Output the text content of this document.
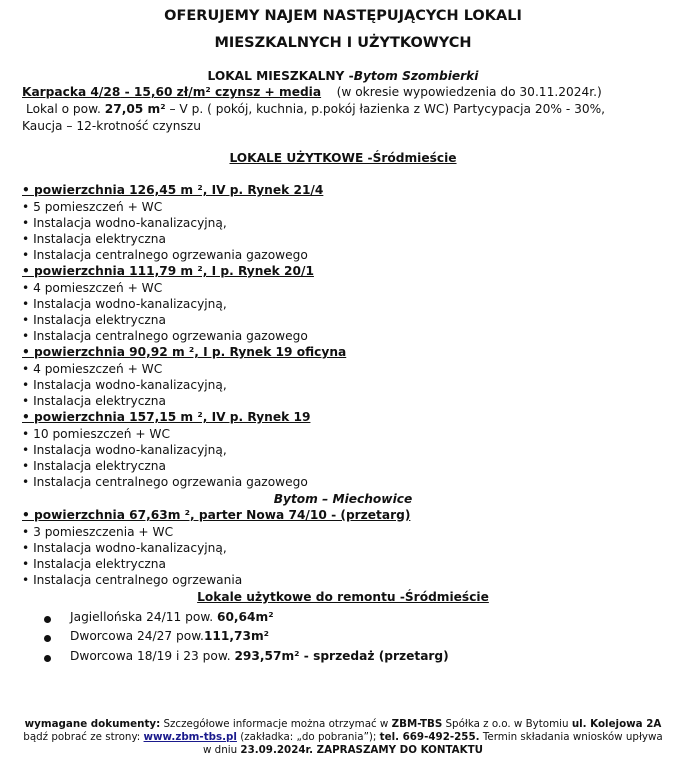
OFERUJEMY NAJEM NASTĘPUJĄCYCH LOKALI
MIESZKALNYCH I UŻYTKOWYCH
LOKAL MIESZKALNY -Bytom Szombierki
Karpacka 4/28 - 15,60 zł/m² czynsz + media (w okresie wypowiedzenia do 30.11.2024r.)
Lokal o pow. 27,05 m² – V p. ( pokój, kuchnia, p.pokój łazienka z WC) Partycypacja 20% - 30%,
Kaucja – 12-krotność czynszu
LOKALE UŻYTKOWE -Śródmieście
• powierzchnia 126,45 m ², IV p. Rynek 21/4
• 5 pomieszczeń + WC
• Instalacja wodno-kanalizacyjną,
• Instalacja elektryczna
• Instalacja centralnego ogrzewania gazowego
• powierzchnia 111,79 m ², I p. Rynek 20/1
• 4 pomieszczeń + WC
• Instalacja wodno-kanalizacyjną,
• Instalacja elektryczna
• Instalacja centralnego ogrzewania gazowego
• powierzchnia 90,92 m ², I p. Rynek 19 oficyna
• 4 pomieszczeń + WC
• Instalacja wodno-kanalizacyjną,
• Instalacja elektryczna
• powierzchnia 157,15 m ², IV p. Rynek 19
• 10 pomieszczeń + WC
• Instalacja wodno-kanalizacyjną,
• Instalacja elektryczna
• Instalacja centralnego ogrzewania gazowego
Bytom – Miechowice
• powierzchnia 67,63m ², parter Nowa 74/10 - (przetarg)
• 3 pomieszczenia + WC
• Instalacja wodno-kanalizacyjną,
• Instalacja elektryczna
• Instalacja centralnego ogrzewania
Lokale użytkowe do remontu -Śródmieście
Jagiellońska 24/11 pow. 60,64m²
Dworcowa 24/27 pow.111,73m²
Dworcowa 18/19 i 23 pow. 293,57m² - sprzedaż (przetarg)
wymagane dokumenty: Szczegółowe informacje można otrzymać w ZBM-TBS Spółka z o.o. w Bytomiu ul. Kolejowa 2A
bądź pobrać ze strony: www.zbm-tbs.pl (zakładka: „do pobrania”); tel. 669-492-255. Termin składania wniosków upływa
w dniu 23.09.2024r. ZAPRASZAMY DO KONTAKTU
